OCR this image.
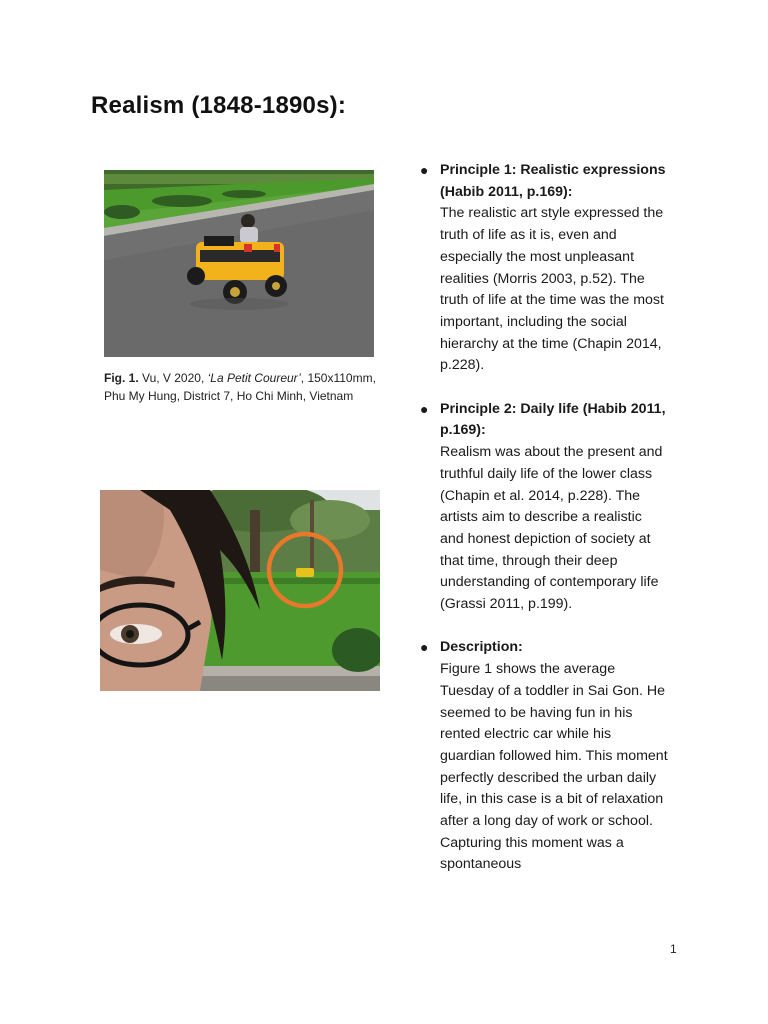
Realism (1848-1890s):
Fig. 1. Vu, V 2020, ‘La Petit Coureur’, 150x110mm, Phu My Hung, District 7, Ho Chi Minh, Vietnam
● Principle 1: Realistic expressions (Habib 2011, p.169):
The realistic art style expressed the truth of life as it is, even and especially the most unpleasant realities (Morris 2003, p.52). The truth of life at the time was the most important, including the social hierarchy at the time (Chapin 2014, p.228).
● Principle 2: Daily life (Habib 2011, p.169):
Realism was about the present and truthful daily life of the lower class (Chapin et al. 2014, p.228). The artists aim to describe a realistic and honest depiction of society at that time, through their deep understanding of contemporary life (Grassi 2011, p.199).
● Description:
Figure 1 shows the average Tuesday of a toddler in Sai Gon. He seemed to be having fun in his rented electric car while his guardian followed him. This moment perfectly described the urban daily life, in this case is a bit of relaxation after a long day of work or school. Capturing this moment was a spontaneous
1
